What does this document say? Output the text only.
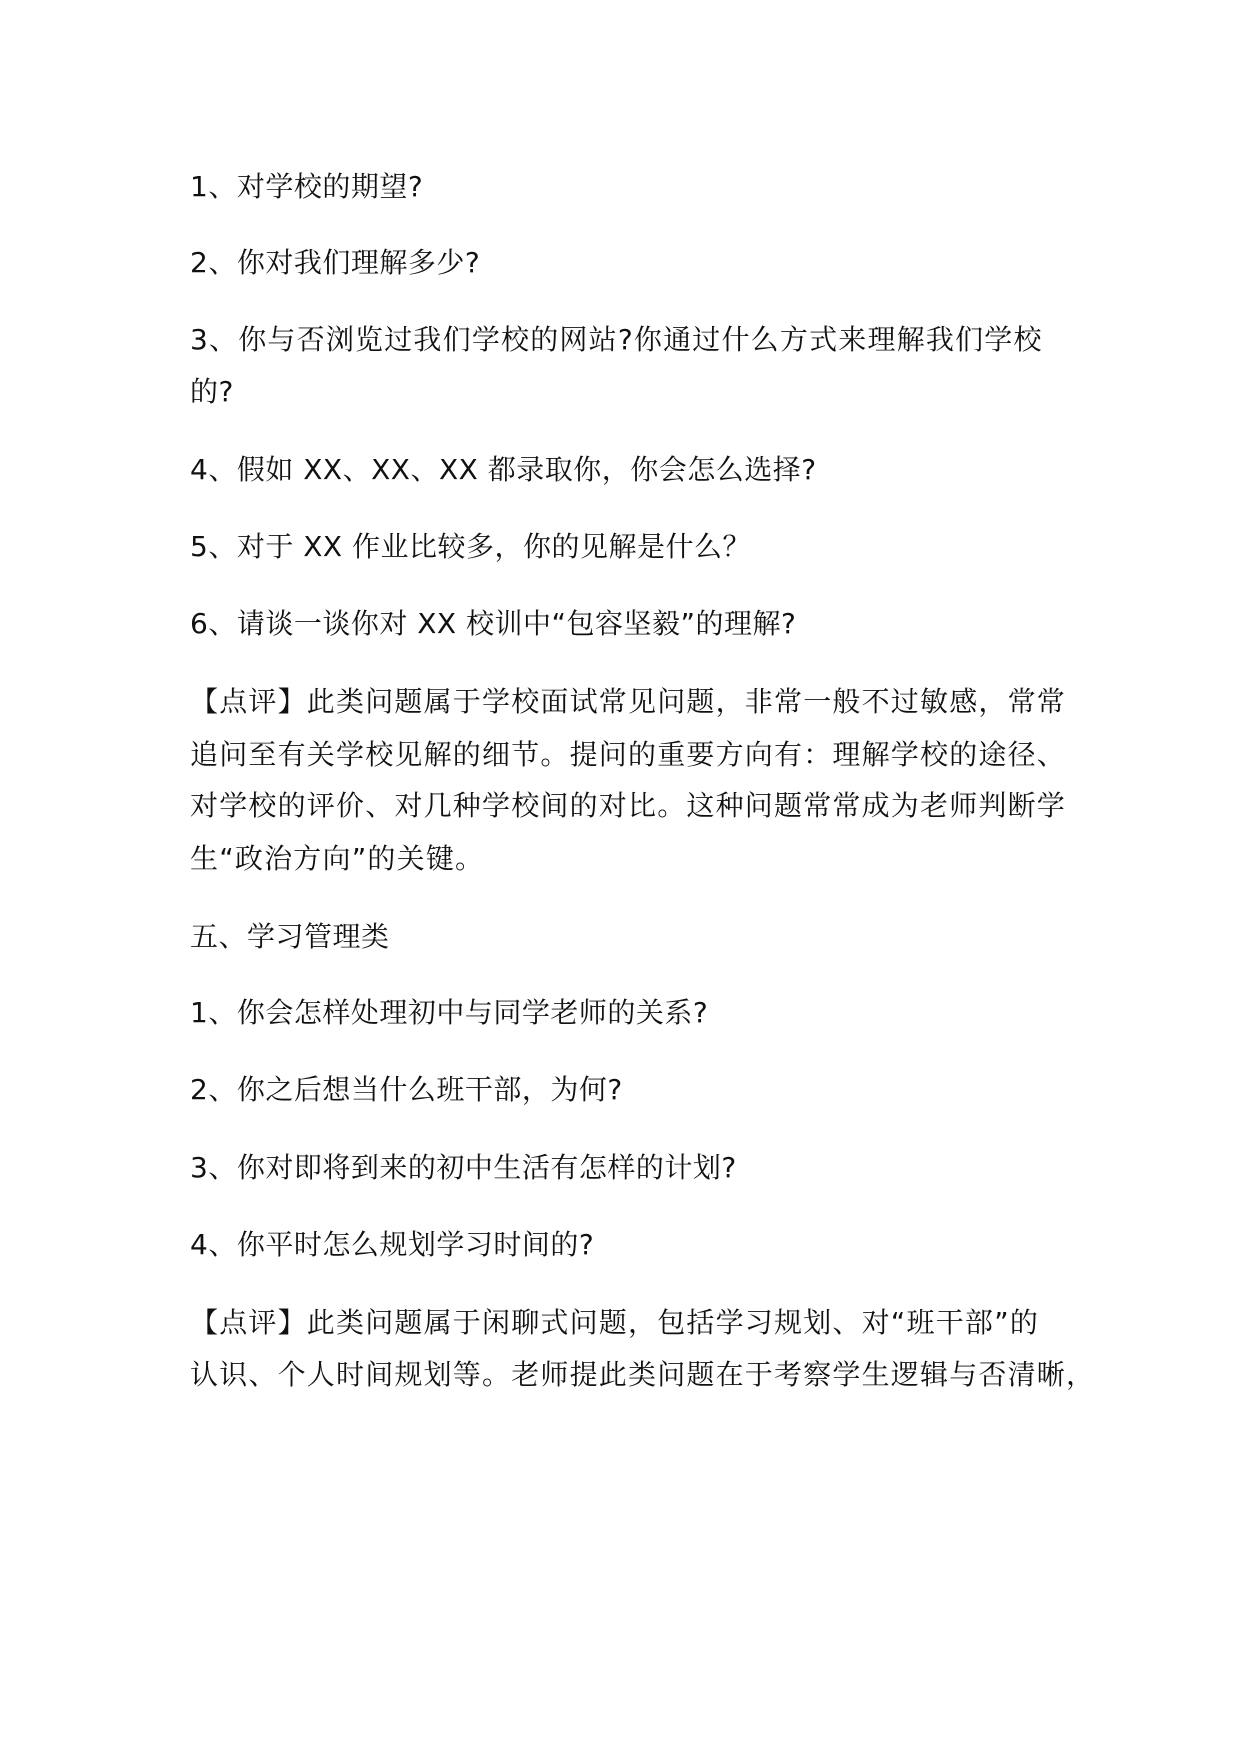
1、对学校的期望?
2、你对我们理解多少?
3、你与否浏览过我们学校的网站?你通过什么方式来理解我们学校
的?
4、假如 XX、XX、XX 都录取你，你会怎么选择?
5、对于 XX 作业比较多，你的见解是什么？
6、请谈一谈你对 XX 校训中“包容坚毅”的理解?
【点评】此类问题属于学校面试常见问题，非常一般不过敏感，常常
追问至有关学校见解的细节。提问的重要方向有：理解学校的途径、
对学校的评价、对几种学校间的对比。这种问题常常成为老师判断学
生“政治方向”的关键。
五、学习管理类
1、你会怎样处理初中与同学老师的关系?
2、你之后想当什么班干部，为何?
3、你对即将到来的初中生活有怎样的计划?
4、你平时怎么规划学习时间的?
【点评】此类问题属于闲聊式问题，包括学习规划、对“班干部”的
认识、个人时间规划等。老师提此类问题在于考察学生逻辑与否清晰，
